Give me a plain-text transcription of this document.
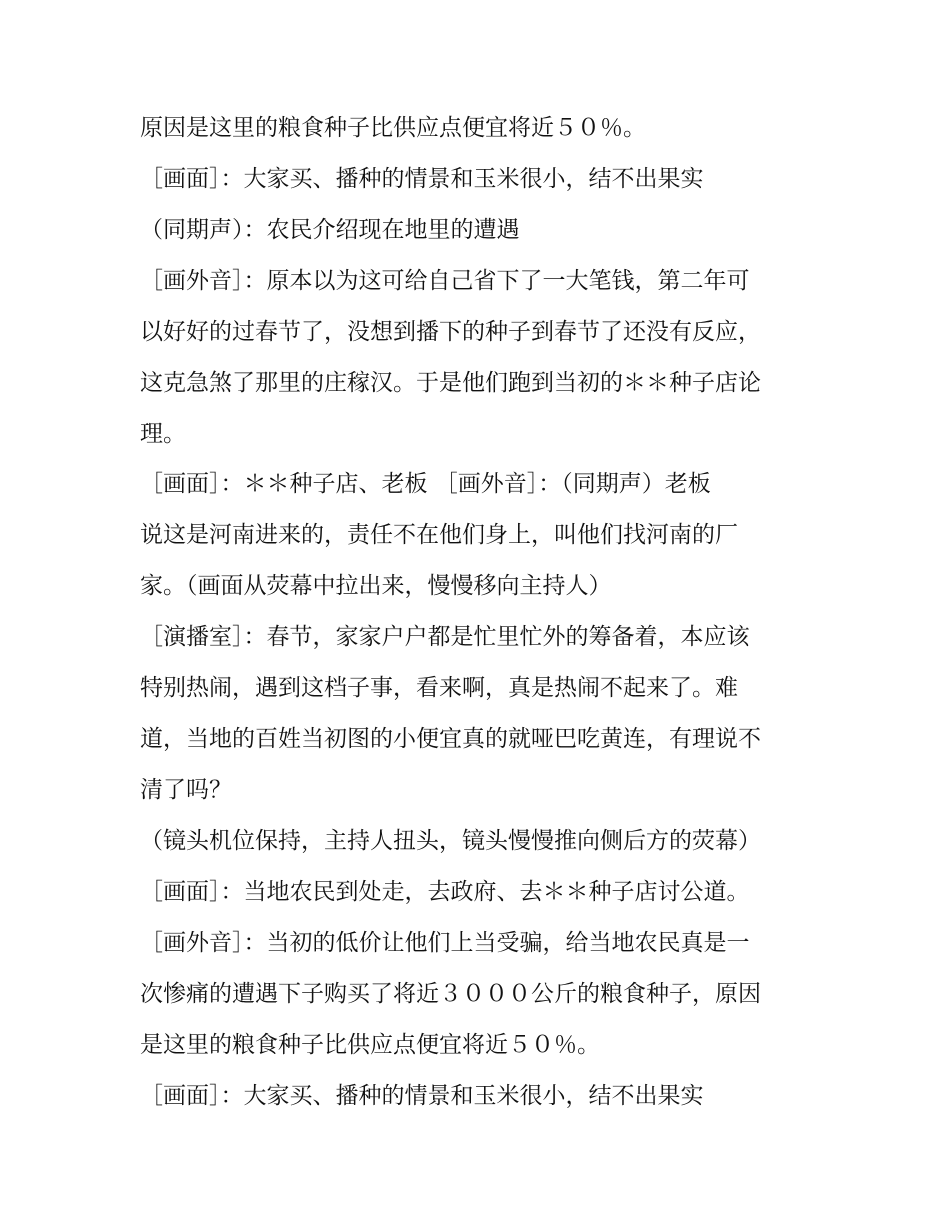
原因是这里的粮食种子比供应点便宜将近５０％。
［画面］：大家买、播种的情景和玉米很小，结不出果实
（同期声）：农民介绍现在地里的遭遇
［画外音］：原本以为这可给自己省下了一大笔钱，第二年可
以好好的过春节了，没想到播下的种子到春节了还没有反应，
这克急煞了那里的庄稼汉。于是他们跑到当初的＊＊种子店论
理。
［画面］：＊＊种子店、老板 ［画外音］：（同期声）老板
说这是河南进来的，责任不在他们身上，叫他们找河南的厂
家。（画面从荧幕中拉出来，慢慢移向主持人）
［演播室］：春节，家家户户都是忙里忙外的筹备着，本应该
特别热闹，遇到这档子事，看来啊，真是热闹不起来了。难
道，当地的百姓当初图的小便宜真的就哑巴吃黄连，有理说不
清了吗？
（镜头机位保持，主持人扭头，镜头慢慢推向侧后方的荧幕）
［画面］：当地农民到处走，去政府、去＊＊种子店讨公道。
［画外音］：当初的低价让他们上当受骗，给当地农民真是一
次惨痛的遭遇下子购买了将近３０００公斤的粮食种子，原因
是这里的粮食种子比供应点便宜将近５０％。
［画面］：大家买、播种的情景和玉米很小，结不出果实
